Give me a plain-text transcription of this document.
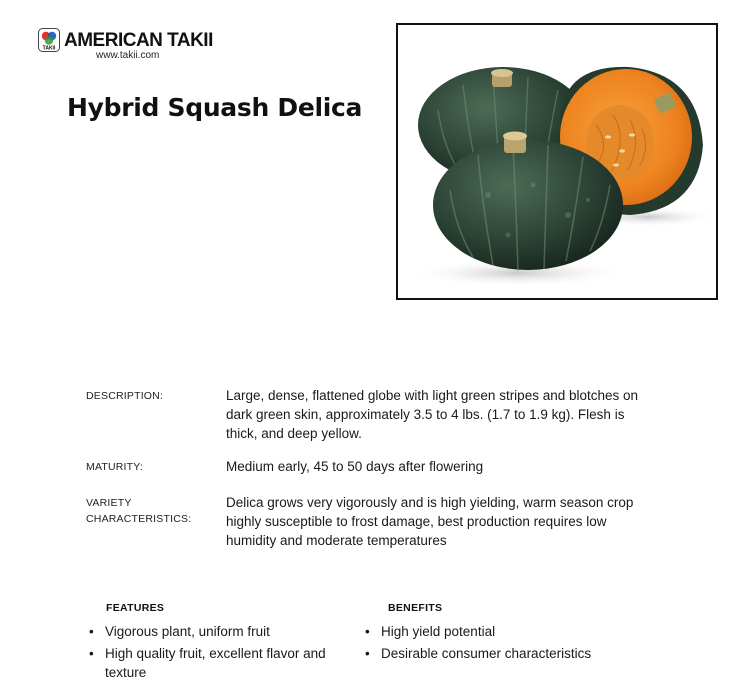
TAKII AMERICAN TAKII
www.takii.com
Hybrid Squash Delica
DESCRIPTION:	Large, dense, flattened globe with light green stripes and blotches on dark green skin, approximately 3.5 to 4 lbs. (1.7 to 1.9 kg). Flesh is thick, and deep yellow.
MATURITY:	Medium early, 45 to 50 days after flowering
VARIETY CHARACTERISTICS:
Delica grows very vigorously and is high yielding, warm season crop highly susceptible to frost damage, best production requires low humidity and moderate temperatures
FEATURES
• Vigorous plant, uniform fruit
• High quality fruit, excellent flavor and texture
BENEFITS
• High yield potential
• Desirable consumer characteristics
